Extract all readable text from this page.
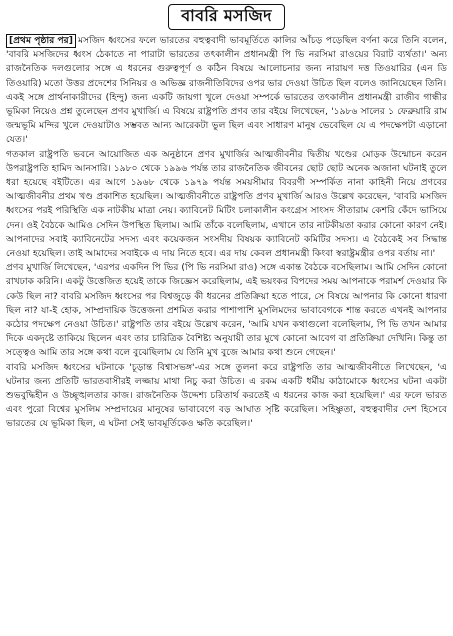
বাবরি মসজিদ

[প্রথম পৃষ্ঠার পর] মসজিদ ধ্বংসের ফলে ভারতের বহুত্ববাদী ভাবমূর্তিতে কালির আঁচড় পড়েছিল বর্ণনা করে তিনি বলেন, 'বাবরি মসজিদের ধ্বংস ঠেকাতে না পারাটা ভারতের তৎকালীন প্রধানমন্ত্রী পি ভি নরসিমা রাওয়ের বিরাট ব্যর্থতা।' অন্য রাজনৈতিক দলগুলোর সঙ্গে এ ধরনের গুরুত্বপূর্ণ ও কঠিন বিষয়ে আলোচনার জন্য নারায়ণ দত্ত তিওয়ারির (এন ডি তিওয়ারি) মতো উত্তর প্রদেশের সিনিয়র ও অভিজ্ঞ রাজনীতিবিদের ওপর ভার দেওয়া উচিত ছিল বলেও জানিয়েছেন তিনি।

একই সঙ্গে প্রার্থনাকারীদের (হিন্দু) জন্য একটি জায়গা খুলে দেওয়া সম্পর্কে ভারতের তৎকালীন প্রধানমন্ত্রী রাজীব গান্ধীর ভূমিকা নিয়েও প্রশ্ন তুলেছেন প্রণব মুখার্জি। এ বিষয়ে রাষ্ট্রপতি প্রণব তার বইয়ে লিখেছেন, '১৯৮৬ সালের ১ ফেব্রুয়ারি রাম জন্মভূমি মন্দির খুলে দেওয়াটাও সম্ভবত আন্য আরেকটা ভুল ছিল এবং সাধারণ মানুষ ভেবেছিল যে এ পদক্ষেপটা এড়ানো যেত।'

গতকাল রাষ্ট্রপতি ভবনে আয়োজিত এক অনুষ্ঠানে প্রণব মুখার্জির আত্মজীবনীর দ্বিতীয় খণ্ডের মোড়ক উন্মোচন করেন উপরাষ্ট্রপতি হামিদ আনসারি। ১৯৮০ থেকে ১৯৯৬ পর্যন্ত তার রাজনৈতিক জীবনের ছোট ছোট অনেক অজানা ঘটনাই তুলে ধরা হয়েছে বইটিতে। এর আগে ১৯৬৮ থেকে ১৯৭৯ পর্যন্ত সময়সীমার বিবরণী সম্পর্কিত নানা কাহিনী নিয়ে প্রণবের আত্মজীবনীর প্রথম খণ্ড প্রকাশিত হয়েছিল। আত্মজীবনীতে রাষ্ট্রপতি প্রণব মুখার্জি আরও উল্লেখ করেছেন, 'বাবরি মসজিদ ধ্বংসের পরই পরিস্থিতি এক নাটকীয় মাত্রা নেয়। ক্যাবিনেট মিটিং চলাকালীন কংগ্রেস সাংসদ সীতারাম কেশরি কেঁদে ভাসিয়ে দেন। ওই বৈঠকে আমিও সেদিন উপস্থিত ছিলাম। আমি তাঁকে বলেছিলাম, এখানে তার নাটকীয়তা করার কোনো কারণ নেই। আপনাদের সবাই ক্যাবিনেটের সদস্য এবং কয়েকজন সংসদীয় বিষয়ক ক্যাবিনেট কমিটির সদস্য। এ বৈঠকেই সব সিদ্ধান্ত নেওয়া হয়েছিল। তাই আমাদের সবাইকে এ দায় নিতে হবে। এর দায় কেবল প্রধানমন্ত্রী কিংবা স্বরাষ্ট্রমন্ত্রীর ওপর বর্তায় না।'

প্রণব মুখার্জি লিখেছেন, 'এরপর একদিন পি ভির (পি ভি নরসিমা রাও) সঙ্গে একান্ত বৈঠকে বসেছিলাম। আমি সেদিন কোনো রাখঢাক করিনি। একটু উত্তেজিত হয়েই তাকে জিজ্ঞেস করেছিলাম, এই ভয়ংকর বিপদের সময় আপনাকে পরামর্শ দেওয়ার কি কেউ ছিল না? বাবরি মসজিদ ধ্বংসের পর বিশ্বজুড়ে কী ধরনের প্রতিক্রিয়া হতে পারে, সে বিষয়ে আপনার কি কোনো ধারণা ছিল না? যা-ই হোক, সাম্প্রদায়িক উত্তেজনা প্রশমিত করার পাশাপাশি মুসলিমদের ভাবাবেগকে শান্ত করতে এখনই আপনার কঠোর পদক্ষেপ নেওয়া উচিত।' রাষ্ট্রপতি তার বইয়ে উল্লেখ করেন, 'আমি যখন কথাগুলো বলেছিলাম, পি ভি তখন আমার দিকে একদৃষ্টে তাকিয়ে ছিলেন এবং তার চারিত্রিক বৈশিষ্ট্য অনুযায়ী তার মুখে কোনো আবেগ বা প্রতিক্রিয়া দেখিনি। কিন্তু তা সত্ত্বেও আমি তার সঙ্গে কথা বলে বুঝেছিলাম যে তিনি মুখ বুজে আমার কথা শুনে গেছেন।'

বাবরি মসজিদ ধ্বংসের ঘটনাকে 'চূড়ান্ত বিশ্বাসভঙ্গ'-এর সঙ্গে তুলনা করে রাষ্ট্রপতি তার আত্মজীবনীতে লিখেছেন, 'এ ঘটনার জন্য প্রতিটি ভারতবাসীরই লজ্জায় মাথা নিচু করা উচিত। এ রকম একটি ধর্মীয় কাঠামোকে ধ্বংসের ঘটনা একটা শুভবুদ্ধিহীন ও উচ্ছৃঙ্খলতার কাজ। রাজনৈতিক উদ্দেশ্য চরিতার্থ করতেই এ ধরনের কাজ করা হয়েছিল।' এর ফলে ভারত এবং পুরো বিশ্বের মুসলিম সম্প্রদায়ের মানুষের ভাবাবেগে বড় আঘাত সৃষ্টি করেছিল। সহিষ্ণুতা, বহুত্ববাদীর দেশ হিসেবে ভারতের যে ভূমিকা ছিল, এ ঘটনা সেই ভাবমূর্তিকেও ক্ষতি করেছিল।'
